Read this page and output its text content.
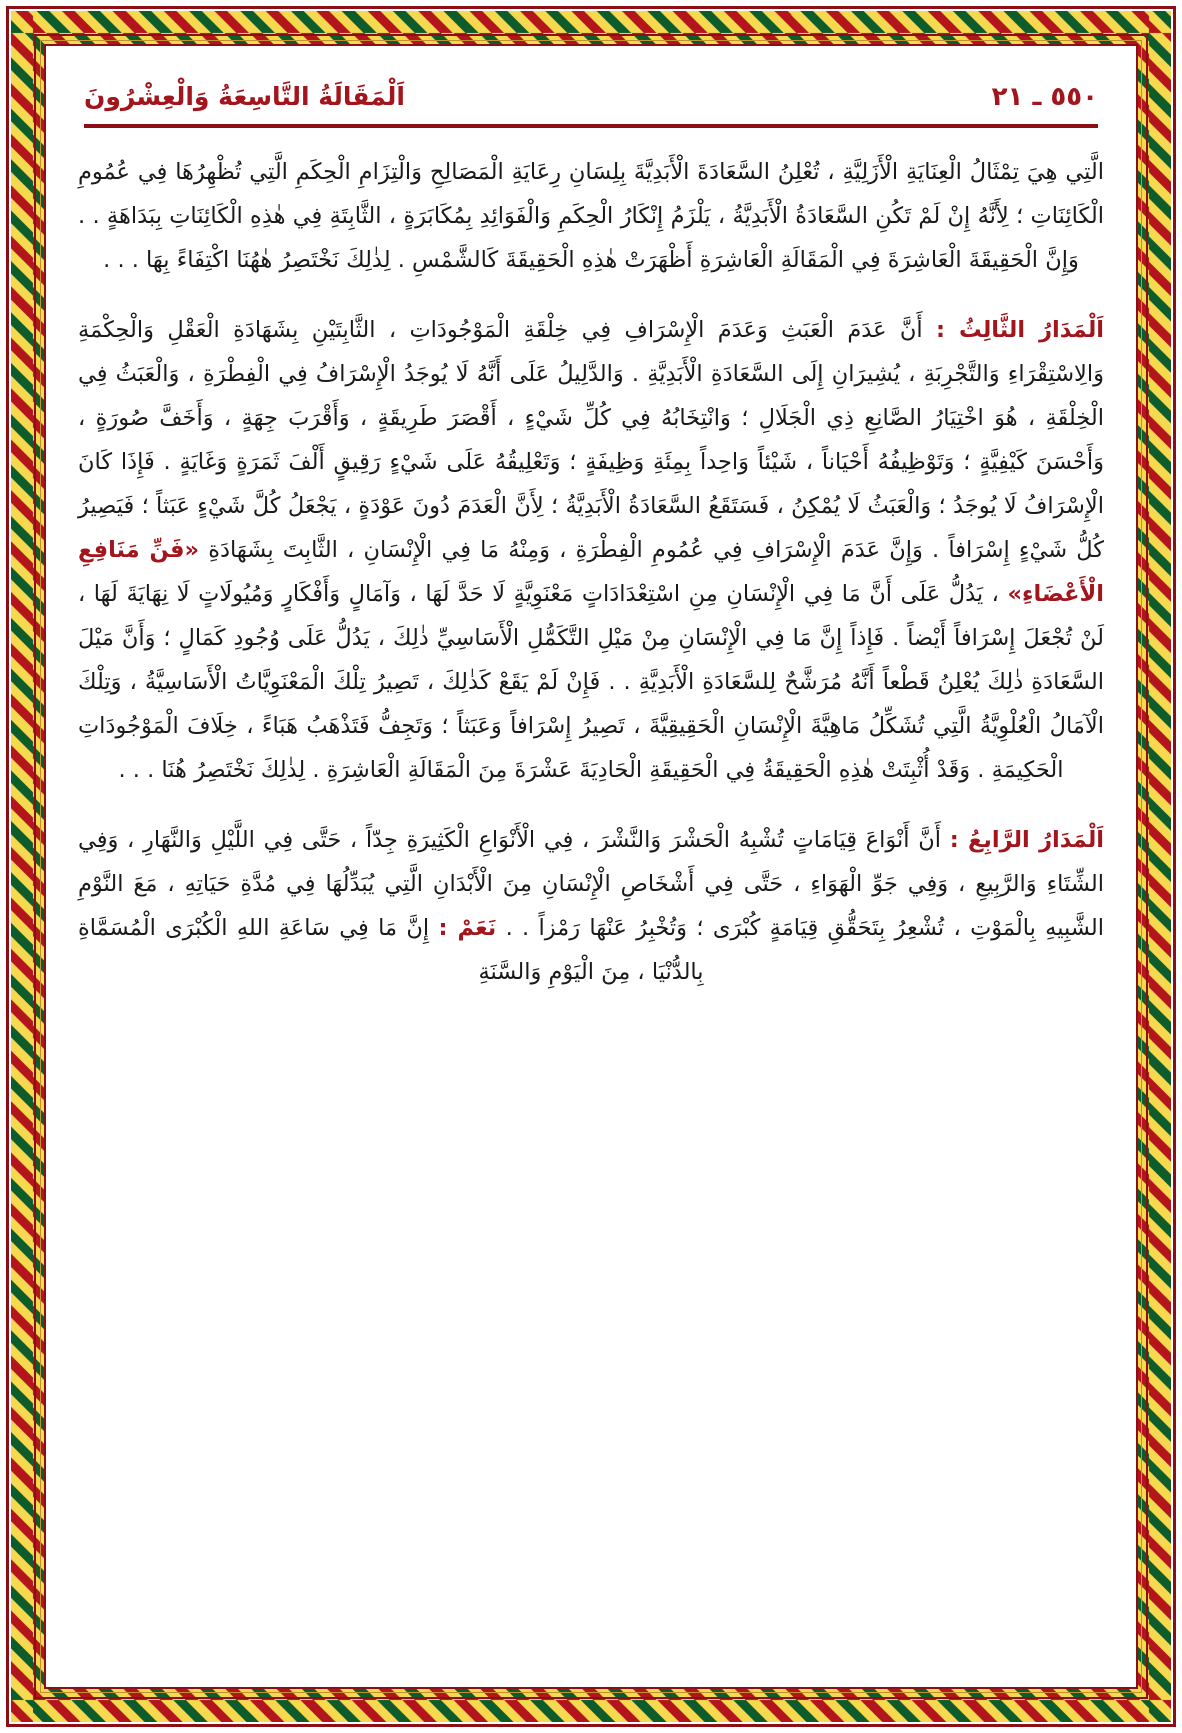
اَلْمَقَالَةُ التَّاسِعَةُ وَالْعِشْرُونَ	٥٥٠ ـ ٢١

الَّتِي هِيَ تِمْثَالُ الْعِنَايَةِ الْأَزَلِيَّةِ ، تُعْلِنُ السَّعَادَةَ الْأَبَدِيَّةَ بِلِسَانِ رِعَايَةِ الْمَصَالِحِ وَالْتِزَامِ الْحِكَمِ الَّتِي تُظْهِرُهَا فِي عُمُومِ الْكَائِنَاتِ ؛ لِأَنَّهُ إِنْ لَمْ تَكُنِ السَّعَادَةُ الْأَبَدِيَّةُ ، يَلْزَمُ إِنْكَارُ الْحِكَمِ وَالْفَوَائِدِ بِمُكَابَرَةٍ ، الثَّابِتَةِ فِي هٰذِهِ الْكَائِنَاتِ بِبَدَاهَةٍ . . وَإِنَّ الْحَقِيقَةَ الْعَاشِرَةَ فِي الْمَقَالَةِ الْعَاشِرَةِ أَظْهَرَتْ هٰذِهِ الْحَقِيقَةَ كَالشَّمْسِ . لِذٰلِكَ نَخْتَصِرُ هٰهُنَا اكْتِفَاءً بِهَا . . .

اَلْمَدَارُ الثَّالِثُ : أَنَّ عَدَمَ الْعَبَثِ وَعَدَمَ الْإِسْرَافِ فِي خِلْقَةِ الْمَوْجُودَاتِ ، الثَّابِتَيْنِ بِشَهَادَةِ الْعَقْلِ وَالْحِكْمَةِ وَالِاسْتِقْرَاءِ وَالتَّجْرِبَةِ ، يُشِيرَانِ إِلَى السَّعَادَةِ الْأَبَدِيَّةِ . وَالدَّلِيلُ عَلَى أَنَّهُ لَا يُوجَدُ الْإِسْرَافُ فِي الْفِطْرَةِ ، وَالْعَبَثُ فِي الْخِلْقَةِ ، هُوَ اخْتِيَارُ الصَّانِعِ ذِي الْجَلَالِ ؛ وَانْتِخَابُهُ فِي كُلِّ شَيْءٍ ، أَقْصَرَ طَرِيقَةٍ ، وَأَقْرَبَ جِهَةٍ ، وَأَخَفَّ صُورَةٍ ، وَأَحْسَنَ كَيْفِيَّةٍ ؛ وَتَوْظِيفُهُ أَحْيَاناً ، شَيْئاً وَاحِداً بِمِئَةِ وَظِيفَةٍ ؛ وَتَعْلِيقُهُ عَلَى شَيْءٍ رَقِيقٍ أَلْفَ ثَمَرَةٍ وَغَايَةٍ . فَإِذَا كَانَ الْإِسْرَافُ لَا يُوجَدُ ؛ وَالْعَبَثُ لَا يُمْكِنُ ، فَسَتَقَعُ السَّعَادَةُ الْأَبَدِيَّةُ ؛ لِأَنَّ الْعَدَمَ دُونَ عَوْدَةٍ ، يَجْعَلُ كُلَّ شَيْءٍ عَبَثاً ؛ فَيَصِيرُ كُلُّ شَيْءٍ إِسْرَافاً . وَإِنَّ عَدَمَ الْإِسْرَافِ فِي عُمُومِ الْفِطْرَةِ ، وَمِنْهُ مَا فِي الْإِنْسَانِ ، الثَّابِتَ بِشَهَادَةِ «فَنِّ مَنَافِعِ الْأَعْضَاءِ» ، يَدُلُّ عَلَى أَنَّ مَا فِي الْإِنْسَانِ مِنِ اسْتِعْدَادَاتٍ مَعْنَوِيَّةٍ لَا حَدَّ لَهَا ، وَآمَالٍ وَأَفْكَارٍ وَمُيُولَاتٍ لَا نِهَايَةَ لَهَا ، لَنْ تُجْعَلَ إِسْرَافاً أَيْضاً . فَإِذاً إِنَّ مَا فِي الْإِنْسَانِ مِنْ مَيْلِ التَّكَمُّلِ الْأَسَاسِيِّ ذٰلِكَ ، يَدُلُّ عَلَى وُجُودِ كَمَالٍ ؛ وَأَنَّ مَيْلَ السَّعَادَةِ ذٰلِكَ يُعْلِنُ قَطْعاً أَنَّهُ مُرَشَّحٌ لِلسَّعَادَةِ الْأَبَدِيَّةِ . . فَإِنْ لَمْ يَقَعْ كَذٰلِكَ ، تَصِيرُ تِلْكَ الْمَعْنَوِيَّاتُ الْأَسَاسِيَّةُ ، وَتِلْكَ الْآمَالُ الْعُلْوِيَّةُ الَّتِي تُشَكِّلُ مَاهِيَّةَ الْإِنْسَانِ الْحَقِيقِيَّةَ ، تَصِيرُ إِسْرَافاً وَعَبَثاً ؛ وَتَجِفُّ فَتَذْهَبُ هَبَاءً ، خِلَافَ الْمَوْجُودَاتِ الْحَكِيمَةِ . وَقَدْ أُثْبِتَتْ هٰذِهِ الْحَقِيقَةُ فِي الْحَقِيقَةِ الْحَادِيَةَ عَشْرَةَ مِنَ الْمَقَالَةِ الْعَاشِرَةِ . لِذٰلِكَ نَخْتَصِرُ هُنَا . . .

اَلْمَدَارُ الرَّابِعُ : أَنَّ أَنْوَاعَ قِيَامَاتٍ تُشْبِهُ الْحَشْرَ وَالنَّشْرَ ، فِي الْأَنْوَاعِ الْكَثِيرَةِ جِدّاً ، حَتَّى فِي اللَّيْلِ وَالنَّهَارِ ، وَفِي الشِّتَاءِ وَالرَّبِيعِ ، وَفِي جَوِّ الْهَوَاءِ ، حَتَّى فِي أَشْخَاصِ الْإِنْسَانِ مِنَ الْأَبْدَانِ الَّتِي يُبَدِّلُهَا فِي مُدَّةِ حَيَاتِهِ ، مَعَ النَّوْمِ الشَّبِيهِ بِالْمَوْتِ ، تُشْعِرُ بِتَحَقُّقِ قِيَامَةٍ كُبْرَى ؛ وَتُخْبِرُ عَنْهَا رَمْزاً . . نَعَمْ : إِنَّ مَا فِي سَاعَةِ اللهِ الْكُبْرَى الْمُسَمَّاةِ بِالدُّنْيَا ، مِنَ الْيَوْمِ وَالسَّنَةِ
